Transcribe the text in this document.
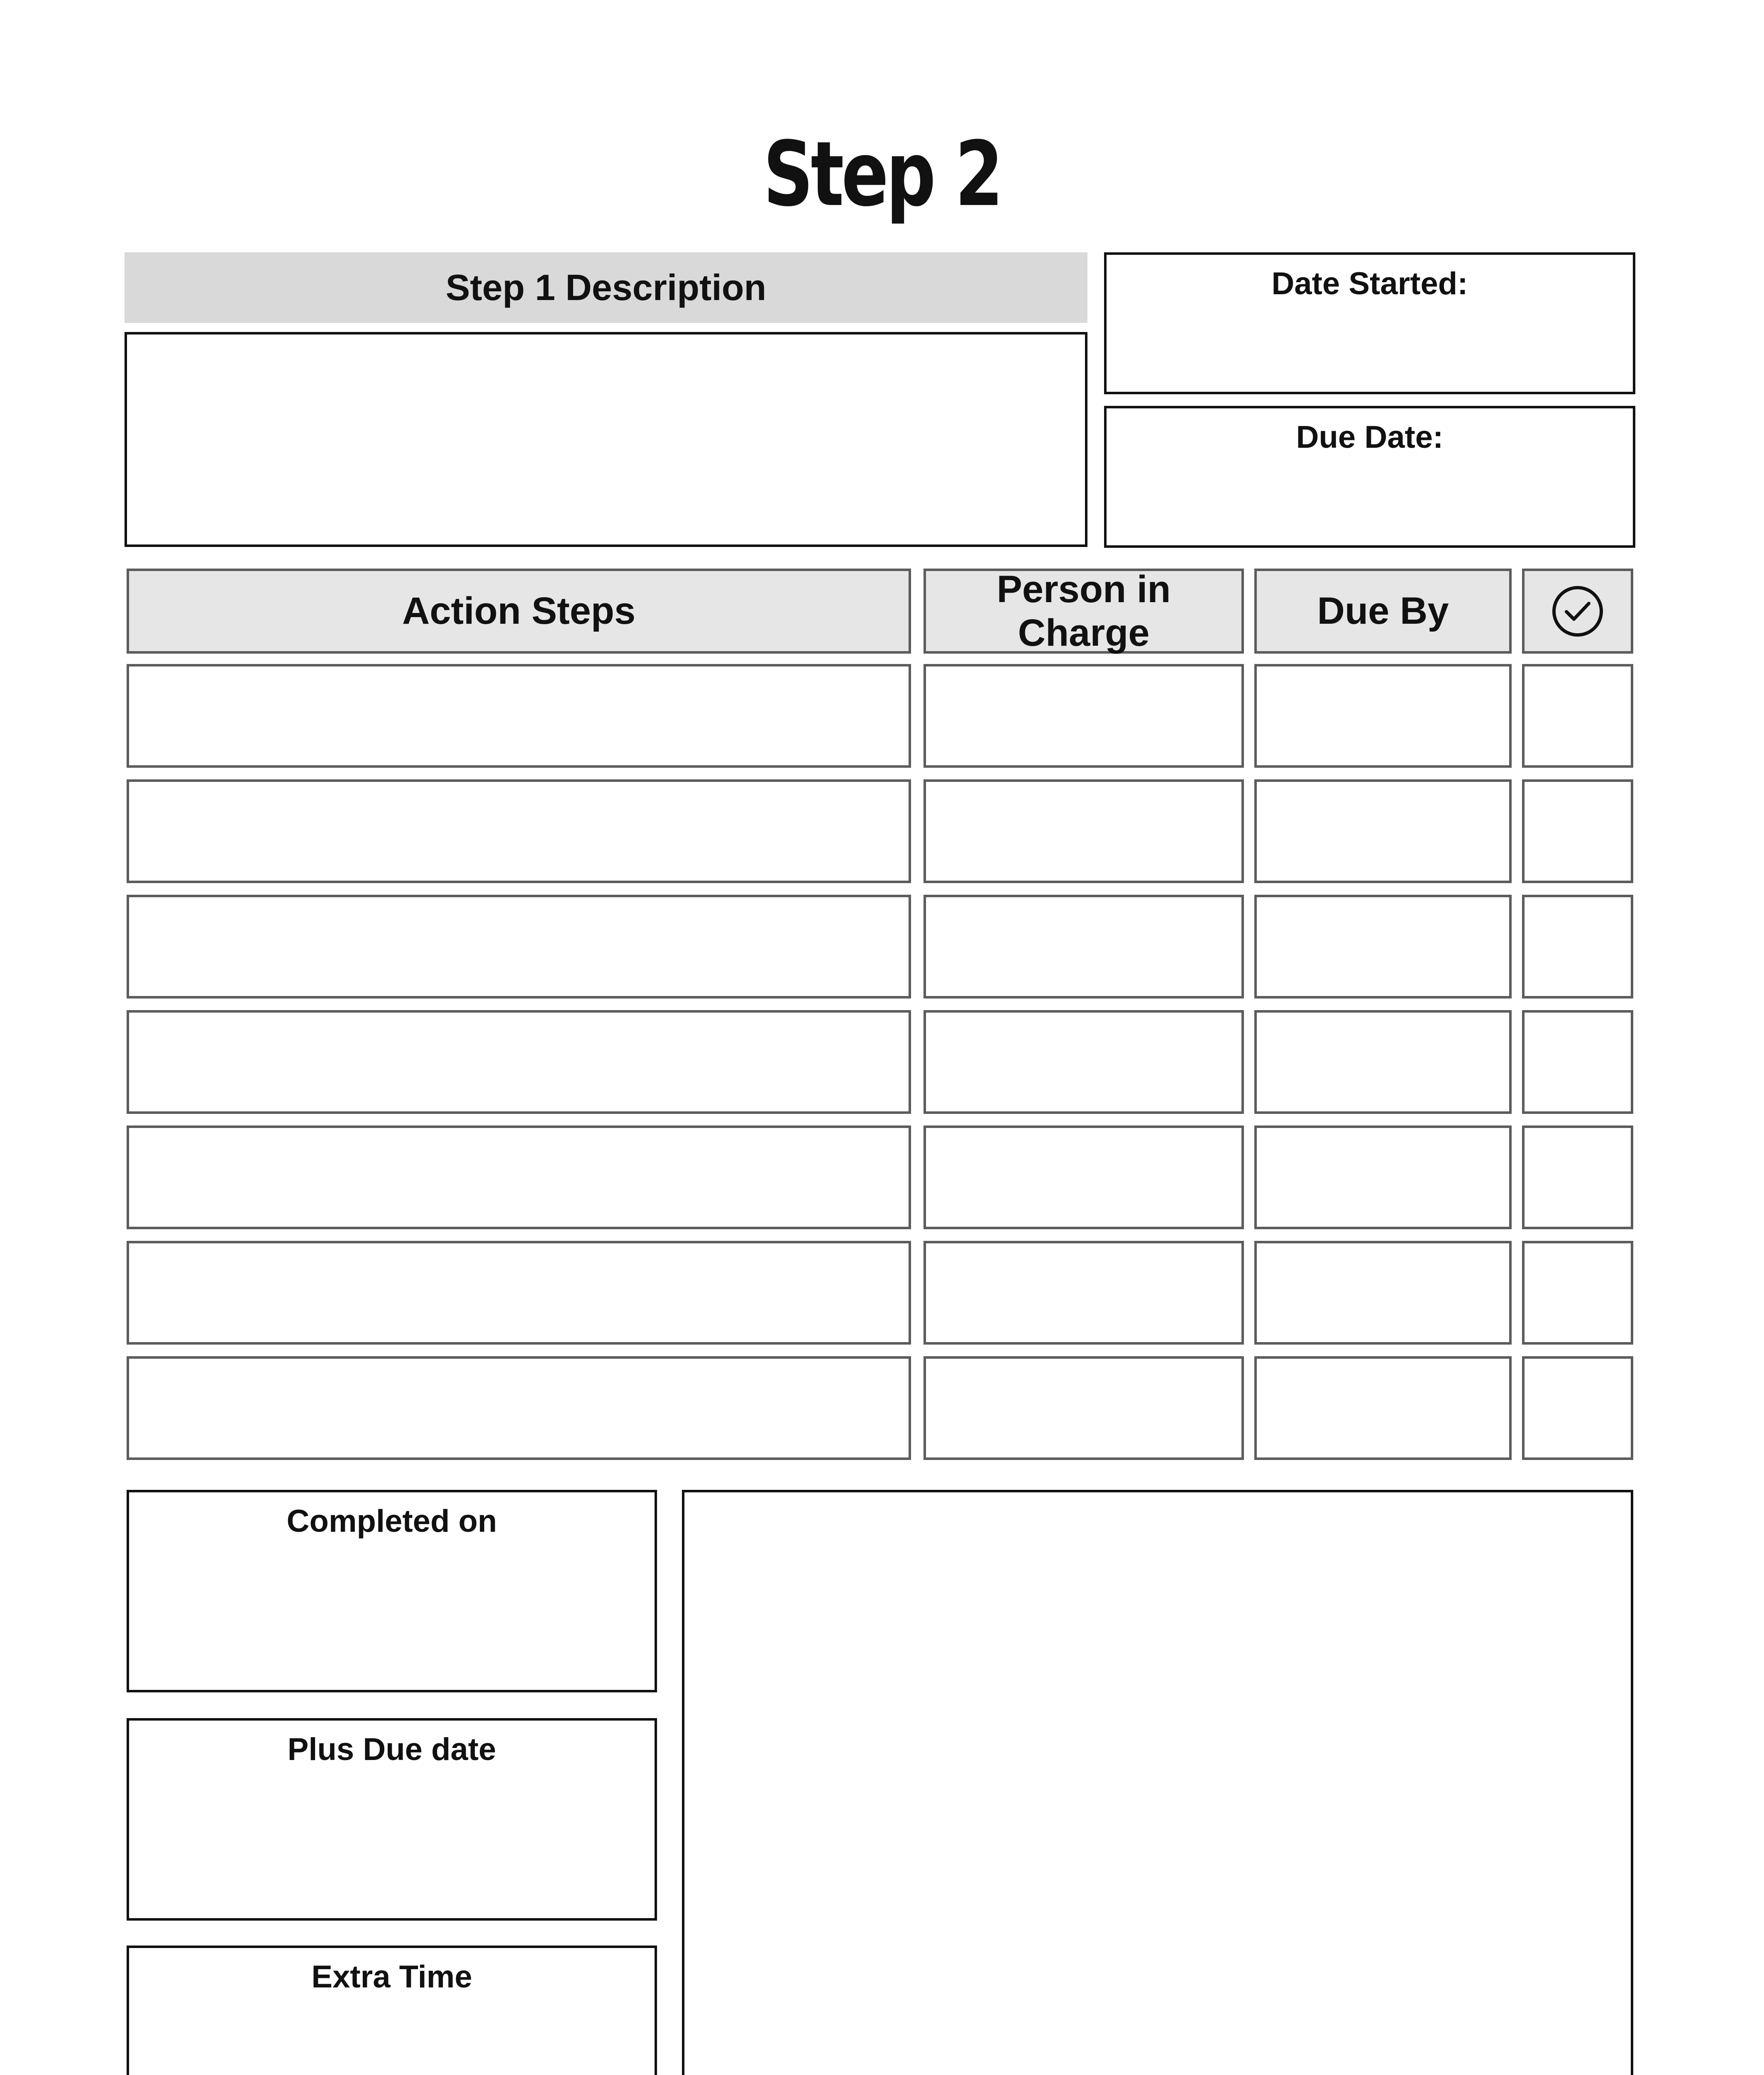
Step 2
Step 1 Description	Date Started:
Due Date:
Action Steps
Person in Charge
Due By
Completed on
Plus Due date
Extra Time
